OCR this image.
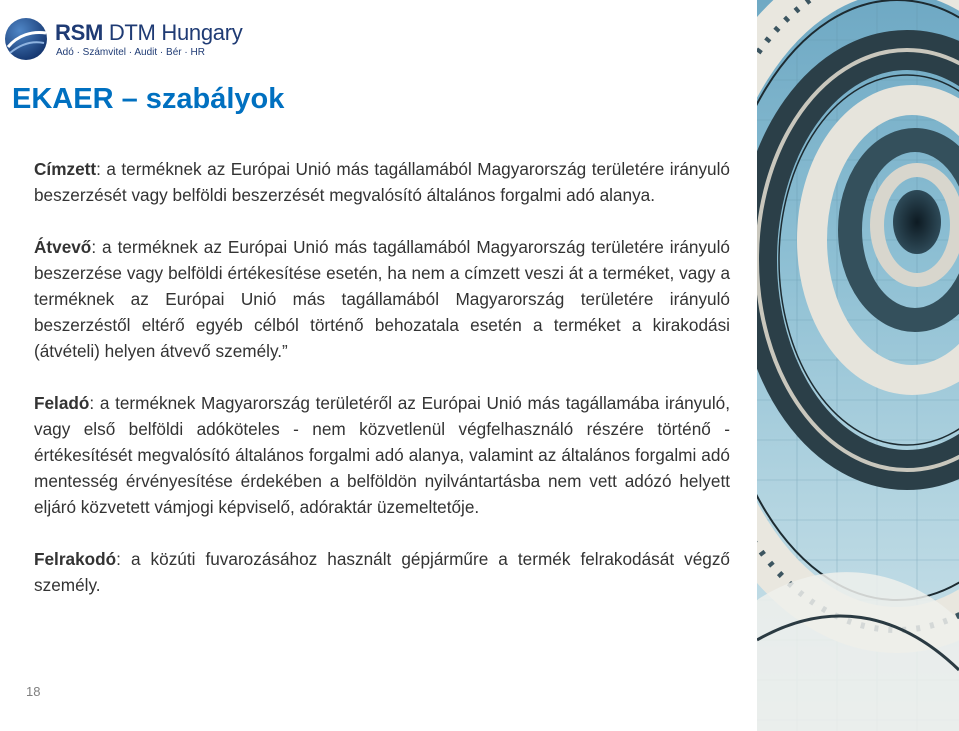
RSM DTM Hungary
Adó · Számvitel · Audit · Bér · HR
EKAER – szabályok

Címzett: a terméknek az Európai Unió más tagállamából Magyarország területére irányuló beszerzését vagy belföldi beszerzését megvalósító általános forgalmi adó alanya.

Átvevő: a terméknek az Európai Unió más tagállamából Magyarország területére irányuló beszerzése vagy belföldi értékesítése esetén, ha nem a címzett veszi át a terméket, vagy a terméknek az Európai Unió más tagállamából Magyarország területére irányuló beszerzéstől eltérő egyéb célból történő behozatala esetén a terméket a kirakodási (átvételi) helyen átvevő személy.”

Feladó: a terméknek Magyarország területéről az Európai Unió más tagállamába irányuló, vagy első belföldi adóköteles - nem közvetlenül végfelhasználó részére történő - értékesítését megvalósító általános forgalmi adó alanya, valamint az általános forgalmi adó mentesség érvényesítése érdekében a belföldön nyilvántartásba nem vett adózó helyett eljáró közvetett vámjogi képviselő, adóraktár üzemeltetője.

Felrakodó: a közúti fuvarozásához használt gépjárműre a termék felrakodását végző személy.

18
